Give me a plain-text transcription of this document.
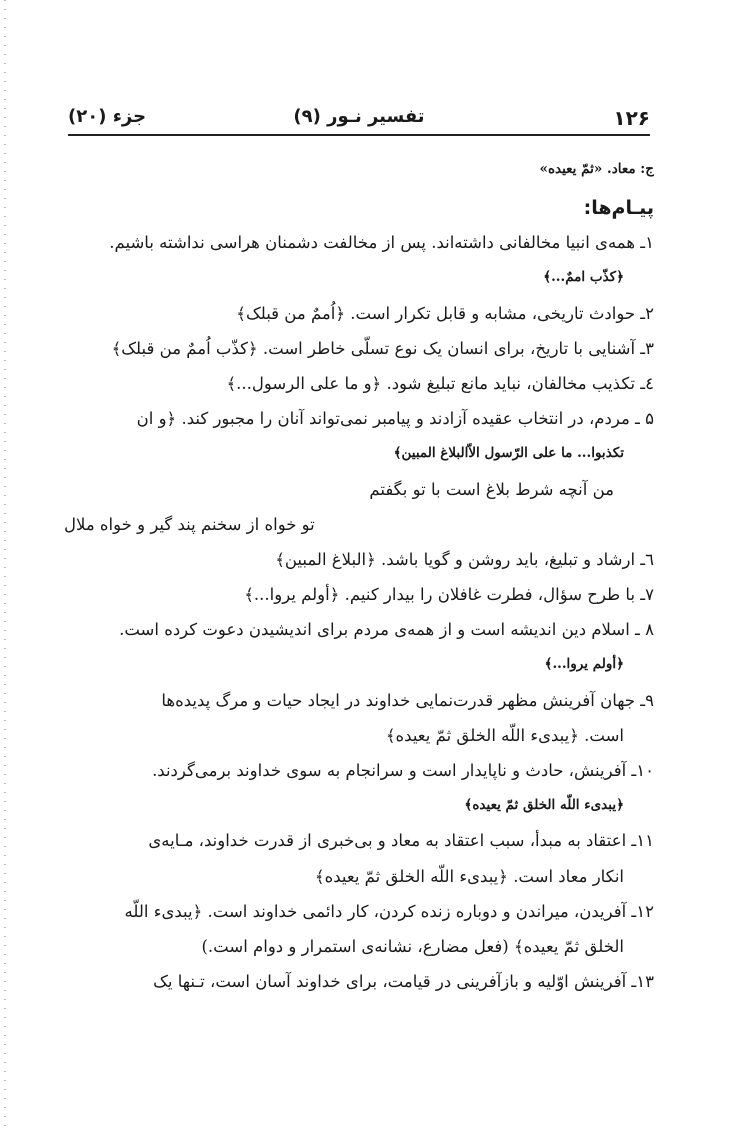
جزء (۲۰)	تفسیر نـور (۹)	۱۲۶
ج: معاد. «ثمّ یعیده»
پیـام‌ها:
۱ـ همه‌ی انبیا مخالفانی داشته‌اند. پس از مخالفت دشمنان هراسی نداشته باشیم.
﴿کذّب اممٌ...﴾
۲ـ حوادث تاریخی، مشابه و قابل تکرار است. ﴿اُممٌ من قبلک﴾
۳ـ آشنایی با تاریخ، برای انسان یک نوع تسلّی خاطر است. ﴿کذّب اُممٌ من قبلک﴾
٤ـ تکذیب مخالفان، نباید مانع تبلیغ شود. ﴿و ما علی الرسول...﴾
۵ ـ مردم، در انتخاب عقیده آزادند و پیامبر نمی‌تواند آنان را مجبور کند. ﴿و ان
تکذبوا... ما علی الرّسول الاّالبلاغ المبین﴾
من آنچه شرط بلاغ است با تو بگفتم
تو خواه از سخنم پند گیر و خواه ملال
٦ـ ارشاد و تبلیغ، باید روشن و گویا باشد. ﴿البلاغ المبین﴾
۷ـ با طرح سؤال، فطرت غافلان را بیدار کنیم. ﴿أولم یروا...﴾
۸ ـ اسلام دین اندیشه است و از همه‌ی مردم برای اندیشیدن دعوت کرده است.
﴿أولم یروا...﴾
۹ـ جهان آفرینش مظهر قدرت‌نمایی خداوند در ایجاد حیات و مرگ پدیده‌ها
است. ﴿یبدیء اللّه الخلق ثمّ یعیده﴾
۱۰ـ آفرینش، حادث و ناپایدار است و سرانجام به سوی خداوند برمی‌گردند.
﴿یبدیء اللّه الخلق ثمّ یعیده﴾
۱۱ـ اعتقاد به مبدأ، سبب اعتقاد به معاد و بی‌خبری از قدرت خداوند، مـایه‌ی
انکار معاد است. ﴿یبدیء اللّه الخلق ثمّ یعیده﴾
۱۲ـ آفریدن، میراندن و دوباره زنده کردن، کار دائمی خداوند است. ﴿یبدیء اللّه
الخلق ثمّ یعیده﴾ (فعل مضارع، نشانه‌ی استمرار و دوام است.)
۱۳ـ آفرینش اوّلیه و بازآفرینی در قیامت، برای خداوند آسان است، تـنها یک
